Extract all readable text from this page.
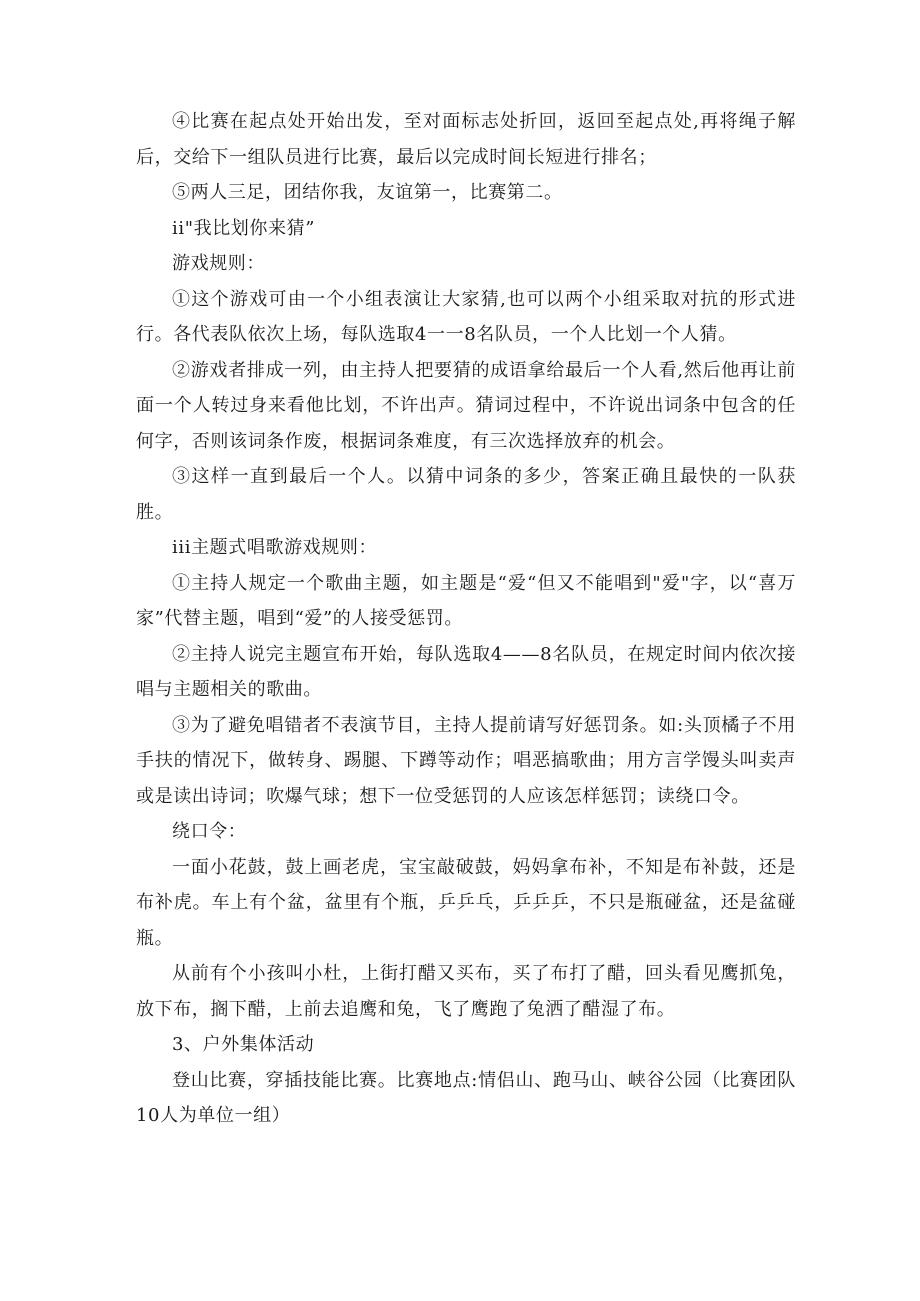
④比赛在起点处开始出发，至对面标志处折回，返回至起点处,再将绳子解后，交给下一组队员进行比赛，最后以完成时间长短进行排名；

⑤两人三足，团结你我，友谊第一，比赛第二。

ii"我比划你来猜”

游戏规则：

①这个游戏可由一个小组表演让大家猜,也可以两个小组采取对抗的形式进行。各代表队依次上场，每队选取4一一8名队员，一个人比划一个人猜。

②游戏者排成一列，由主持人把要猜的成语拿给最后一个人看,然后他再让前面一个人转过身来看他比划，不许出声。猜词过程中，不许说出词条中包含的任何字，否则该词条作废，根据词条难度，有三次选择放弃的机会。

③这样一直到最后一个人。以猜中词条的多少，答案正确且最快的一队获胜。

iii主题式唱歌游戏规则：

①主持人规定一个歌曲主题，如主题是“爱“但又不能唱到"爱"字，以“喜万家”代替主题，唱到“爱”的人接受惩罚。

②主持人说完主题宣布开始，每队选取4——8名队员，在规定时间内依次接唱与主题相关的歌曲。

③为了避免唱错者不表演节目，主持人提前请写好惩罚条。如:头顶橘子不用手扶的情况下，做转身、踢腿、下蹲等动作；唱恶搞歌曲；用方言学馒头叫卖声或是读出诗词；吹爆气球；想下一位受惩罚的人应该怎样惩罚；读绕口令。

绕口令：

一面小花鼓，鼓上画老虎，宝宝敲破鼓，妈妈拿布补，不知是布补鼓，还是布补虎。车上有个盆，盆里有个瓶，乒乒乓，乒乒乒，不只是瓶碰盆，还是盆碰瓶。

从前有个小孩叫小杜，上街打醋又买布，买了布打了醋，回头看见鹰抓兔，放下布，搁下醋，上前去追鹰和兔，飞了鹰跑了兔洒了醋湿了布。

3、户外集体活动

登山比赛，穿插技能比赛。比赛地点:情侣山、跑马山、峡谷公园（比赛团队10人为单位一组）
